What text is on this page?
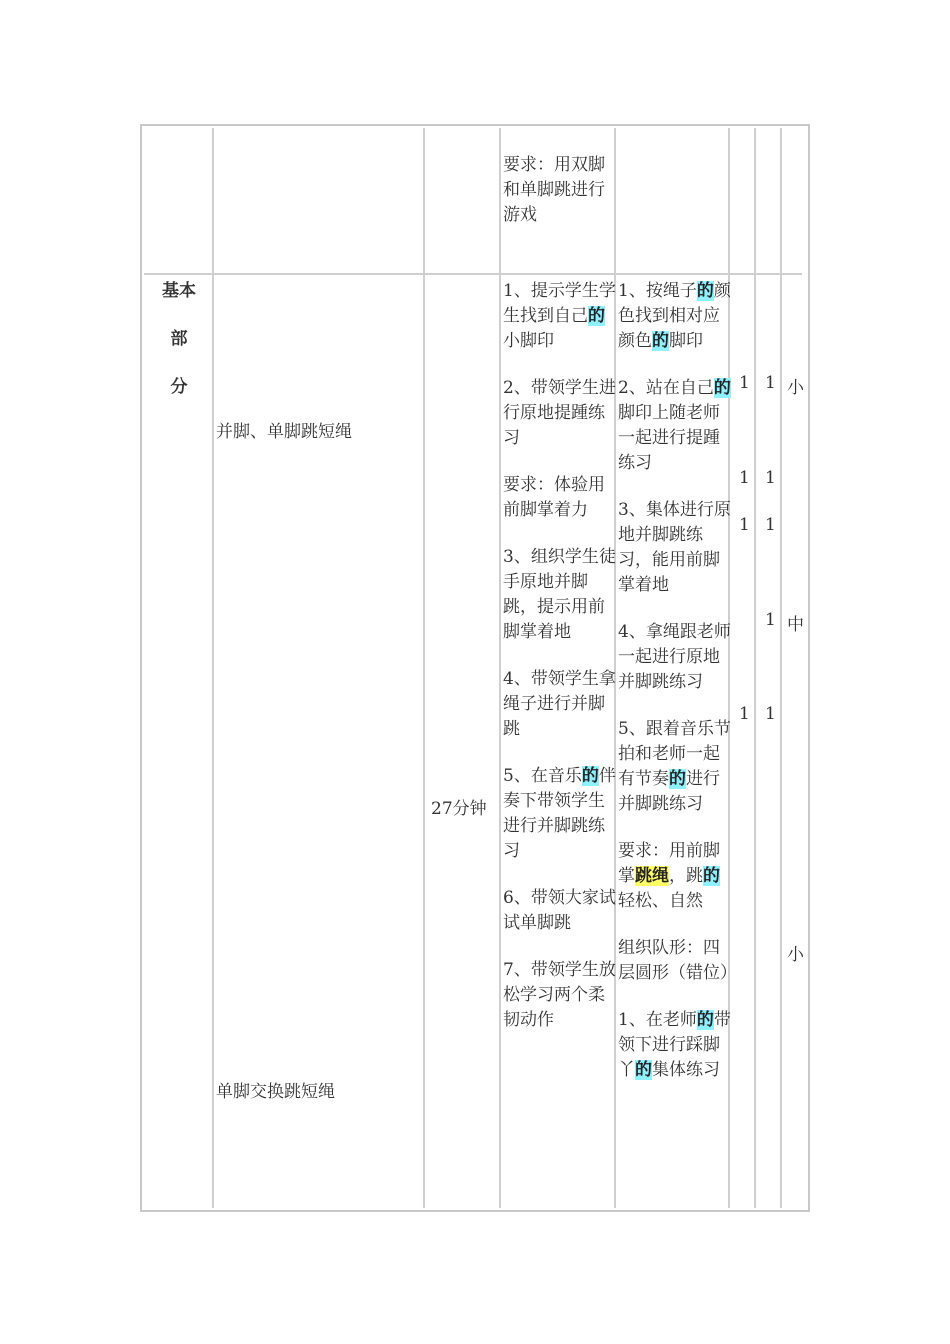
要求：用双脚和单脚跳进行游戏
基本
部
分
并脚、单脚跳短绳
单脚交换跳短绳
27分钟

1、提示学生学生找到自己的小脚印

2、带领学生进行原地提踵练习

要求：体验用前脚掌着力

3、组织学生徒手原地并脚跳，提示用前脚掌着地

4、带领学生拿绳子进行并脚跳

5、在音乐的伴奏下带领学生进行并脚跳练习

6、带领大家试试单脚跳

7、带领学生放松学习两个柔韧动作

1、按绳子的颜色找到相对应颜色的脚印

2、站在自己的脚印上随老师一起进行提踵练习

3、集体进行原地并脚跳练习，能用前脚掌着地

4、拿绳跟老师一起进行原地并脚跳练习

5、跟着音乐节拍和老师一起有节奏的进行并脚跳练习

要求：用前脚掌跳绳，跳的轻松、自然

组织队形：四层圆形（错位）

1、在老师的带领下进行踩脚丫的集体练习

1
1
1
1
1
1
1
1
1
小
中
小
